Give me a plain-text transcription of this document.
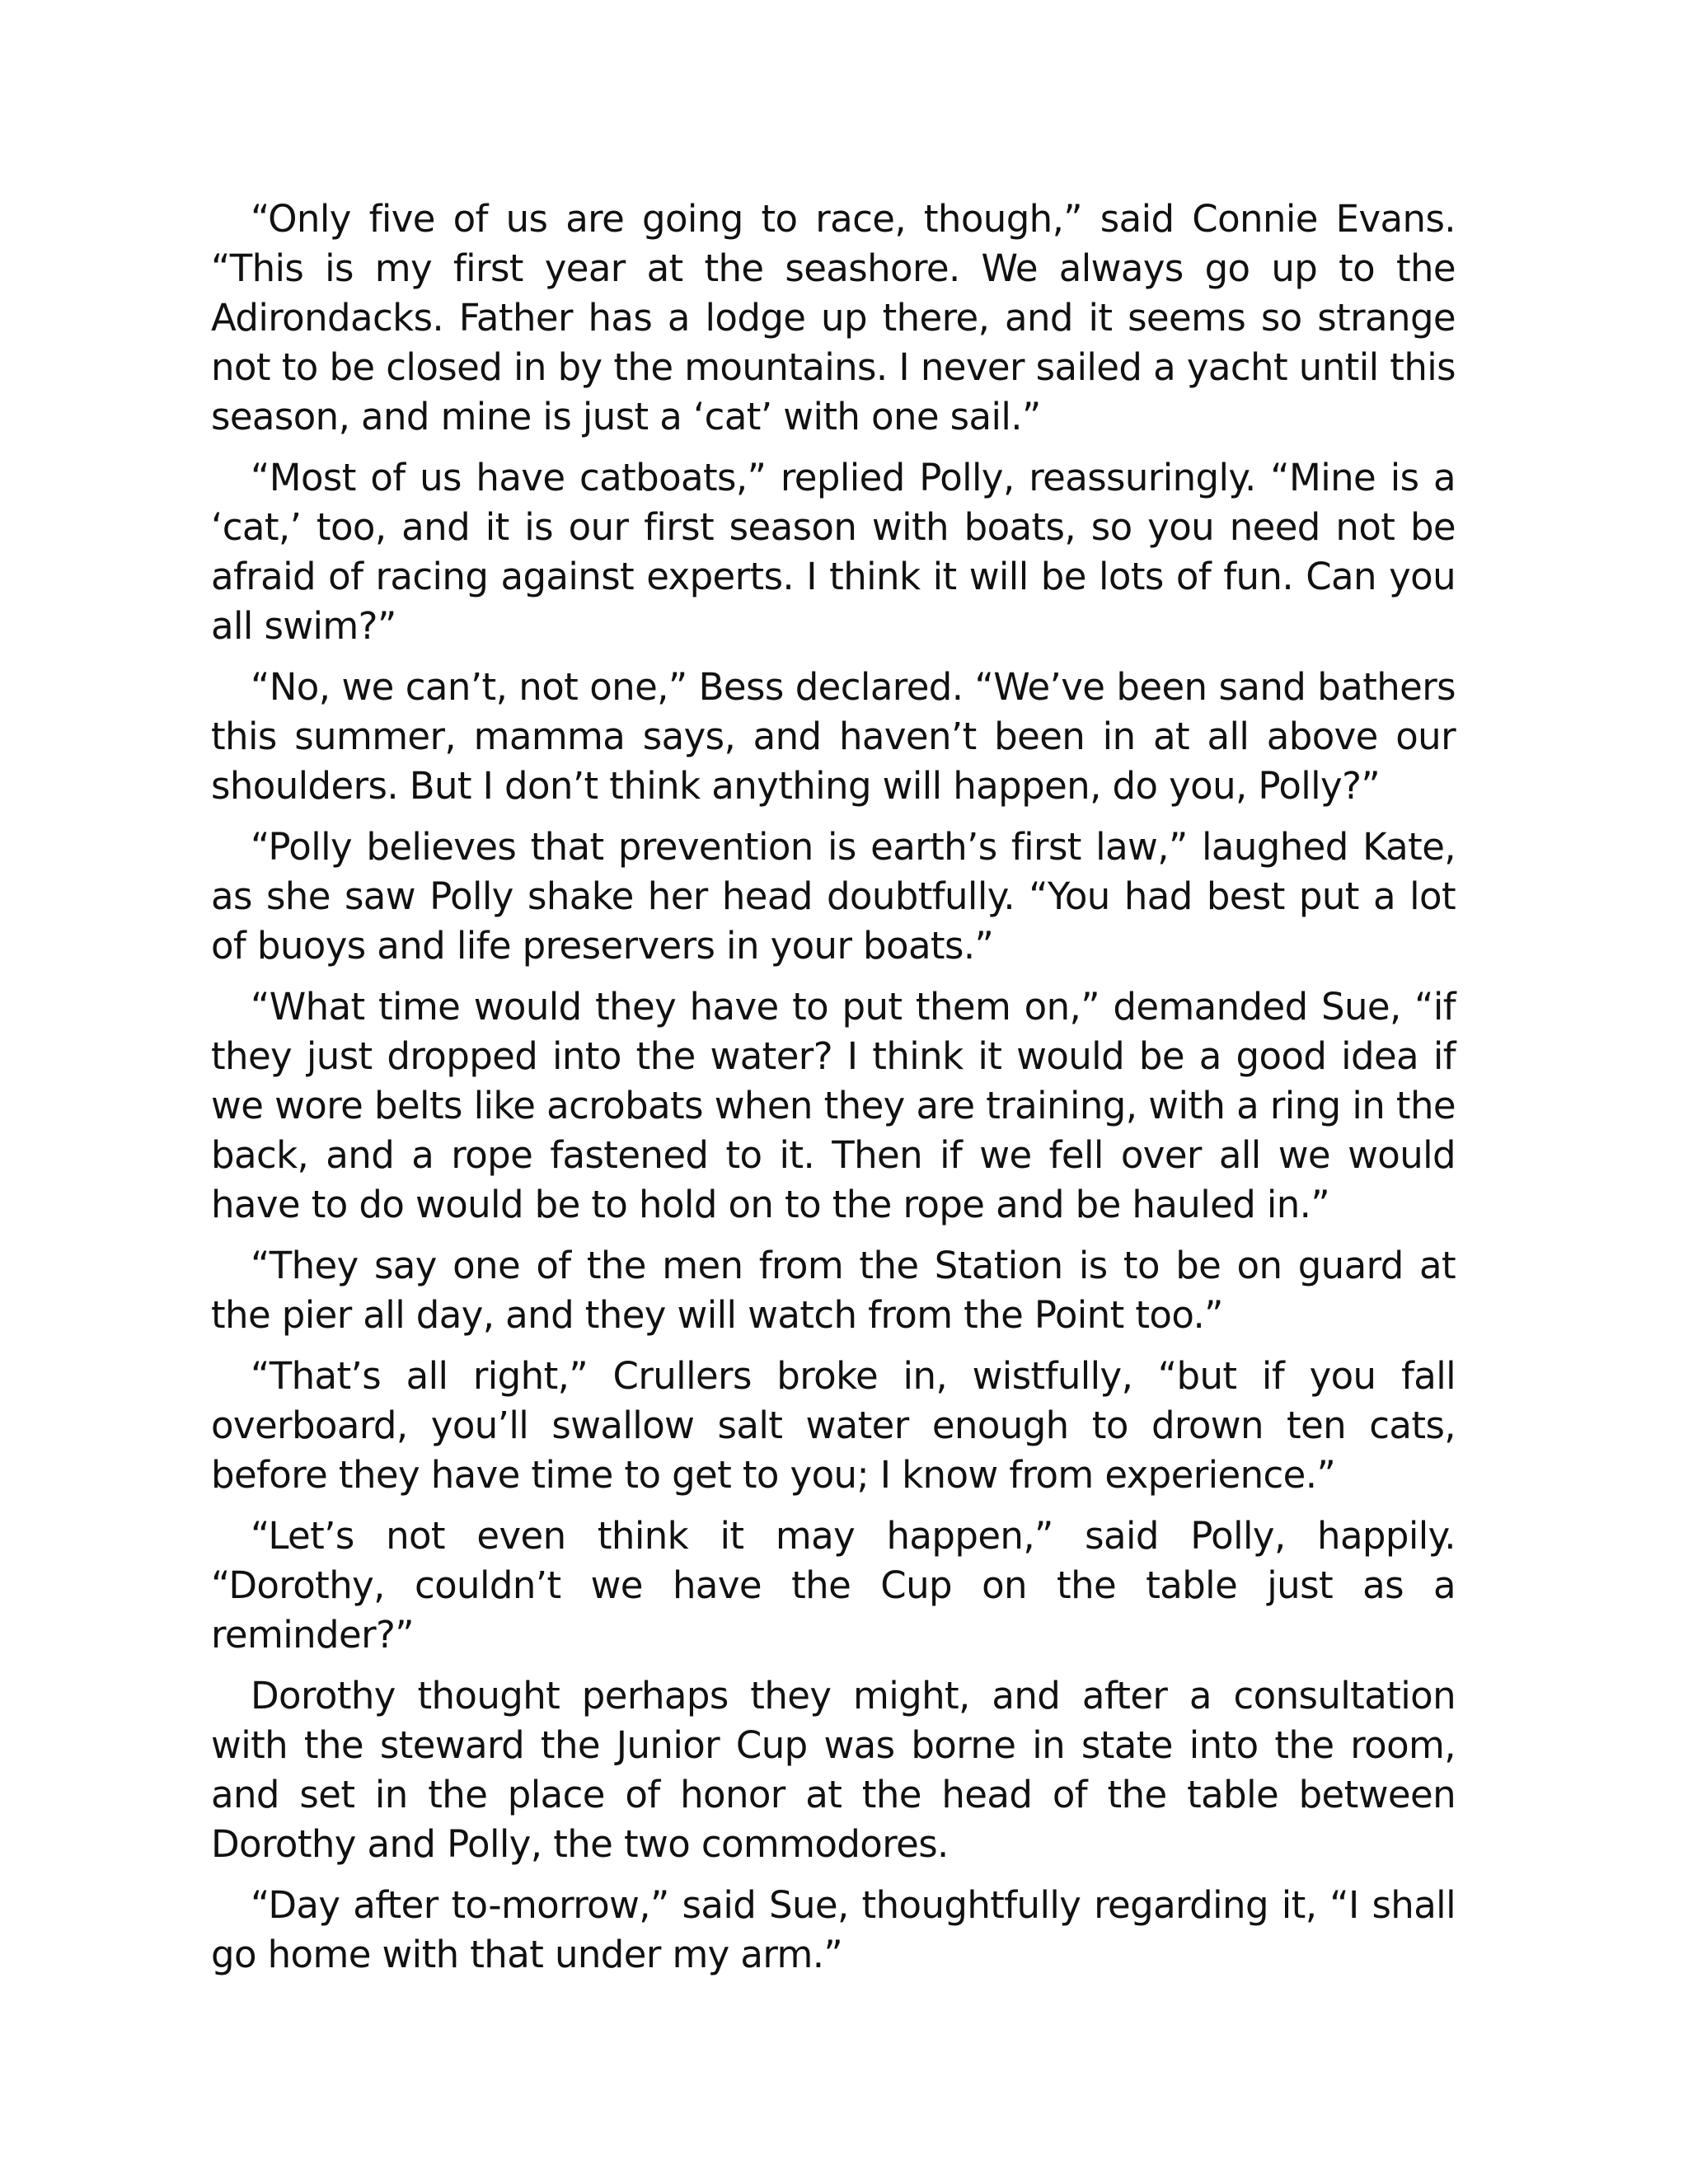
“Only five of us are going to race, though,” said Connie Evans. “This is my first year at the seashore. We always go up to the Adirondacks. Father has a lodge up there, and it seems so strange not to be closed in by the mountains. I never sailed a yacht until this season, and mine is just a ‘cat’ with one sail.”

“Most of us have catboats,” replied Polly, reassuringly. “Mine is a ‘cat,’ too, and it is our first season with boats, so you need not be afraid of racing against experts. I think it will be lots of fun. Can you all swim?”

“No, we can’t, not one,” Bess declared. “We’ve been sand bathers this summer, mamma says, and haven’t been in at all above our shoulders. But I don’t think anything will happen, do you, Polly?”

“Polly believes that prevention is earth’s first law,” laughed Kate, as she saw Polly shake her head doubtfully. “You had best put a lot of buoys and life preservers in your boats.”

“What time would they have to put them on,” demanded Sue, “if they just dropped into the water? I think it would be a good idea if we wore belts like acrobats when they are training, with a ring in the back, and a rope fastened to it. Then if we fell over all we would have to do would be to hold on to the rope and be hauled in.”

“They say one of the men from the Station is to be on guard at the pier all day, and they will watch from the Point too.”

“That’s all right,” Crullers broke in, wistfully, “but if you fall overboard, you’ll swallow salt water enough to drown ten cats, before they have time to get to you; I know from experience.”

“Let’s not even think it may happen,” said Polly, happily. “Dorothy, couldn’t we have the Cup on the table just as a reminder?”

Dorothy thought perhaps they might, and after a consultation with the steward the Junior Cup was borne in state into the room, and set in the place of honor at the head of the table between Dorothy and Polly, the two commodores.

“Day after to-morrow,” said Sue, thoughtfully regarding it, “I shall go home with that under my arm.”
